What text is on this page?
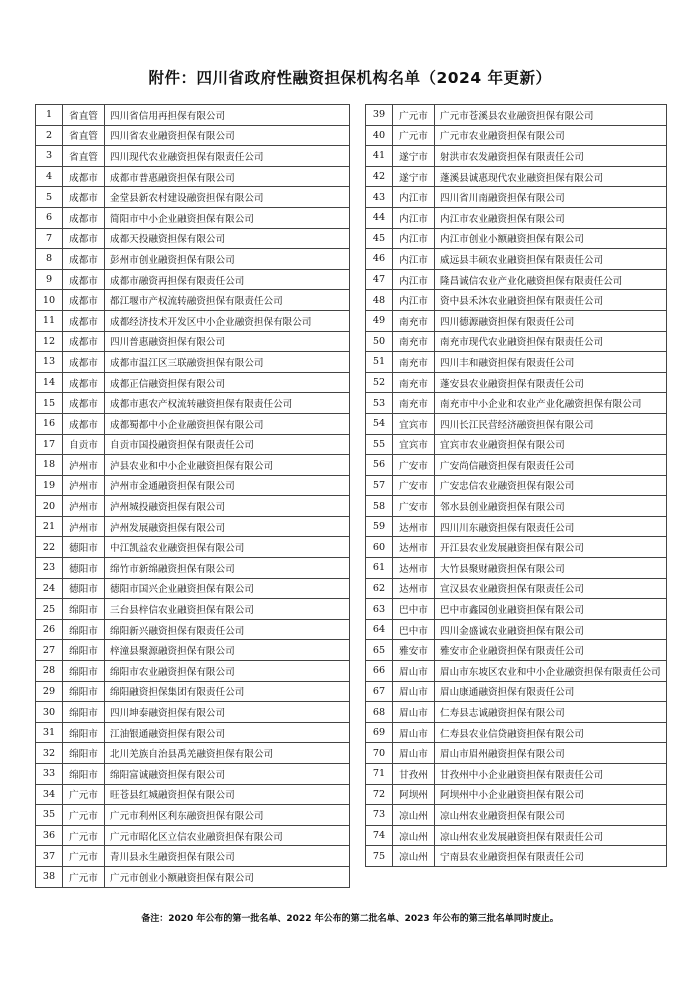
附件：四川省政府性融资担保机构名单（2024 年更新）
1	省直管	四川省信用再担保有限公司
2	省直管	四川省农业融资担保有限公司
3	省直管	四川现代农业融资担保有限责任公司
4	成都市	成都市普惠融资担保有限公司
5	成都市	金堂县新农村建设融资担保有限公司
6	成都市	简阳市中小企业融资担保有限公司
7	成都市	成都天投融资担保有限公司
8	成都市	彭州市创业融资担保有限公司
9	成都市	成都市融资再担保有限责任公司
10	成都市	都江堰市产权流转融资担保有限责任公司
11	成都市	成都经济技术开发区中小企业融资担保有限公司
12	成都市	四川普惠融资担保有限公司
13	成都市	成都市温江区三联融资担保有限公司
14	成都市	成都正信融资担保有限公司
15	成都市	成都市惠农产权流转融资担保有限责任公司
16	成都市	成都蜀都中小企业融资担保有限公司
17	自贡市	自贡市国投融资担保有限责任公司
18	泸州市	泸县农业和中小企业融资担保有限公司
19	泸州市	泸州市金通融资担保有限公司
20	泸州市	泸州城投融资担保有限公司
21	泸州市	泸州发展融资担保有限公司
22	德阳市	中江凯益农业融资担保有限公司
23	德阳市	绵竹市新绵融资担保有限公司
24	德阳市	德阳市国兴企业融资担保有限公司
25	绵阳市	三台县梓信农业融资担保有限公司
26	绵阳市	绵阳新兴融资担保有限责任公司
27	绵阳市	梓潼县聚源融资担保有限公司
28	绵阳市	绵阳市农业融资担保有限公司
29	绵阳市	绵阳融资担保集团有限责任公司
30	绵阳市	四川坤泰融资担保有限公司
31	绵阳市	江油银通融资担保有限公司
32	绵阳市	北川羌族自治县禹羌融资担保有限公司
33	绵阳市	绵阳富诚融资担保有限公司
34	广元市	旺苍县红城融资担保有限公司
35	广元市	广元市利州区利东融资担保有限公司
36	广元市	广元市昭化区立信农业融资担保有限公司
37	广元市	青川县永生融资担保有限公司
38	广元市	广元市创业小额融资担保有限公司
39	广元市	广元市苍溪县农业融资担保有限公司
40	广元市	广元市农业融资担保有限公司
41	遂宁市	射洪市农发融资担保有限责任公司
42	遂宁市	蓬溪县诚惠现代农业融资担保有限公司
43	内江市	四川省川南融资担保有限公司
44	内江市	内江市农业融资担保有限公司
45	内江市	内江市创业小额融资担保有限公司
46	内江市	威远县丰硕农业融资担保有限责任公司
47	内江市	隆昌诚信农业产业化融资担保有限责任公司
48	内江市	资中县禾沐农业融资担保有限责任公司
49	南充市	四川德源融资担保有限责任公司
50	南充市	南充市现代农业融资担保有限责任公司
51	南充市	四川丰和融资担保有限责任公司
52	南充市	蓬安县农业融资担保有限责任公司
53	南充市	南充市中小企业和农业产业化融资担保有限公司
54	宜宾市	四川长江民营经济融资担保有限公司
55	宜宾市	宜宾市农业融资担保有限公司
56	广安市	广安尚信融资担保有限责任公司
57	广安市	广安忠信农业融资担保有限公司
58	广安市	邻水县创业融资担保有限公司
59	达州市	四川川东融资担保有限责任公司
60	达州市	开江县农业发展融资担保有限公司
61	达州市	大竹县聚财融资担保有限公司
62	达州市	宣汉县农业融资担保有限责任公司
63	巴中市	巴中市鑫园创业融资担保有限公司
64	巴中市	四川金盛诚农业融资担保有限公司
65	雅安市	雅安市企业融资担保有限责任公司
66	眉山市	眉山市东坡区农业和中小企业融资担保有限责任公司
67	眉山市	眉山康通融资担保有限责任公司
68	眉山市	仁寿县志诚融资担保有限公司
69	眉山市	仁寿县农业信贷融资担保有限公司
70	眉山市	眉山市眉州融资担保有限公司
71	甘孜州	甘孜州中小企业融资担保有限责任公司
72	阿坝州	阿坝州中小企业融资担保有限公司
73	凉山州	凉山州农业融资担保有限公司
74	凉山州	凉山州农业发展融资担保有限责任公司
75	凉山州	宁南县农业融资担保有限责任公司
备注：2020 年公布的第一批名单、2022 年公布的第二批名单、2023 年公布的第三批名单同时废止。
